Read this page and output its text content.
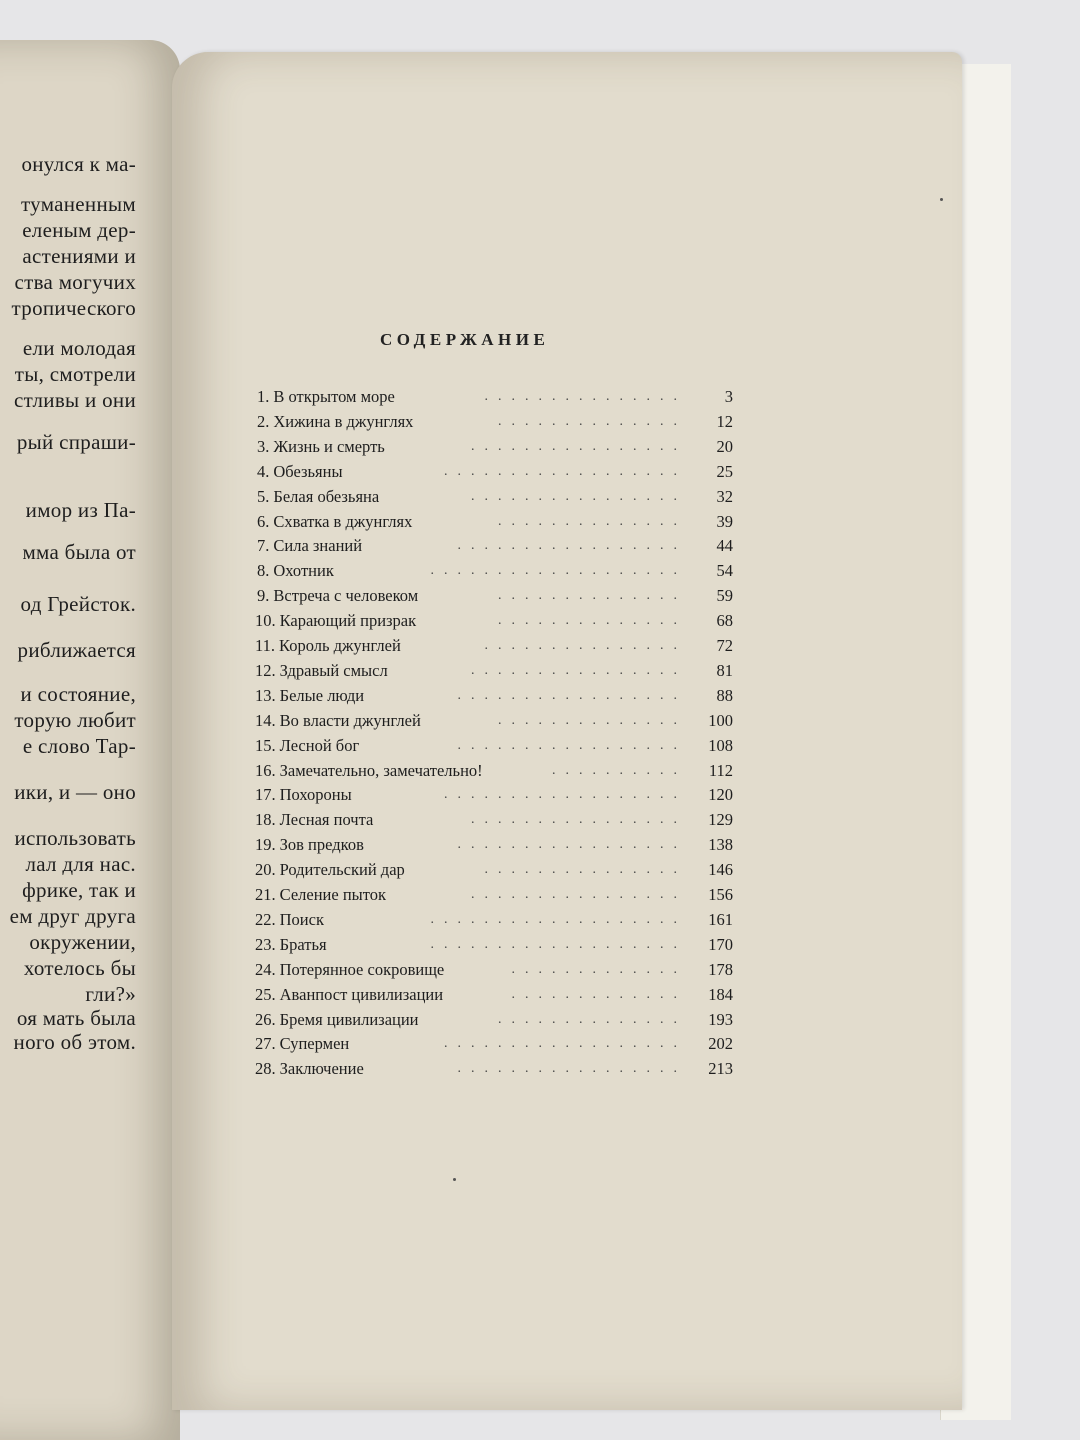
онулся к ма-
туманенным
еленым дер-
астениями и
ства могучих
тропического
ели молодая
ты, смотрели
стливы и они
рый спраши-
имор из Па-
мма была от
од Грейсток.
риближается
и состояние,
торую любит
е слово Тар-
ики, и — оно
использовать
лал для нас.
фрике, так и
ем друг друга
окружении,
хотелось бы
гли?»
оя мать была
ного об этом.
СОДЕРЖАНИЕ
1. В открытом море	............... 3
2. Хижина в джунглях	.............. 12
3. Жизнь и смерть	................ 20
4. Обезьяны	.................. 25
5. Белая обезьяна	................ 32
6. Схватка в джунглях	.............. 39
7. Сила знаний	................. 44
8. Охотник	................... 54
9. Встреча с человеком	.............. 59
10. Карающий призрак	.............. 68
11. Король джунглей	............... 72
12. Здравый смысл	................ 81
13. Белые люди	................. 88
14. Во власти джунглей	.............. 100
15. Лесной бог	................. 108
16. Замечательно, замечательно!	.......... 112
17. Похороны	.................. 120
18. Лесная почта	................ 129
19. Зов предков	................. 138
20. Родительский дар	............... 146
21. Селение пыток	................ 156
22. Поиск	................... 161
23. Братья	................... 170
24. Потерянное сокровище	............. 178
25. Аванпост цивилизации	............. 184
26. Бремя цивилизации	.............. 193
27. Супермен	.................. 202
28. Заключение	................. 213
